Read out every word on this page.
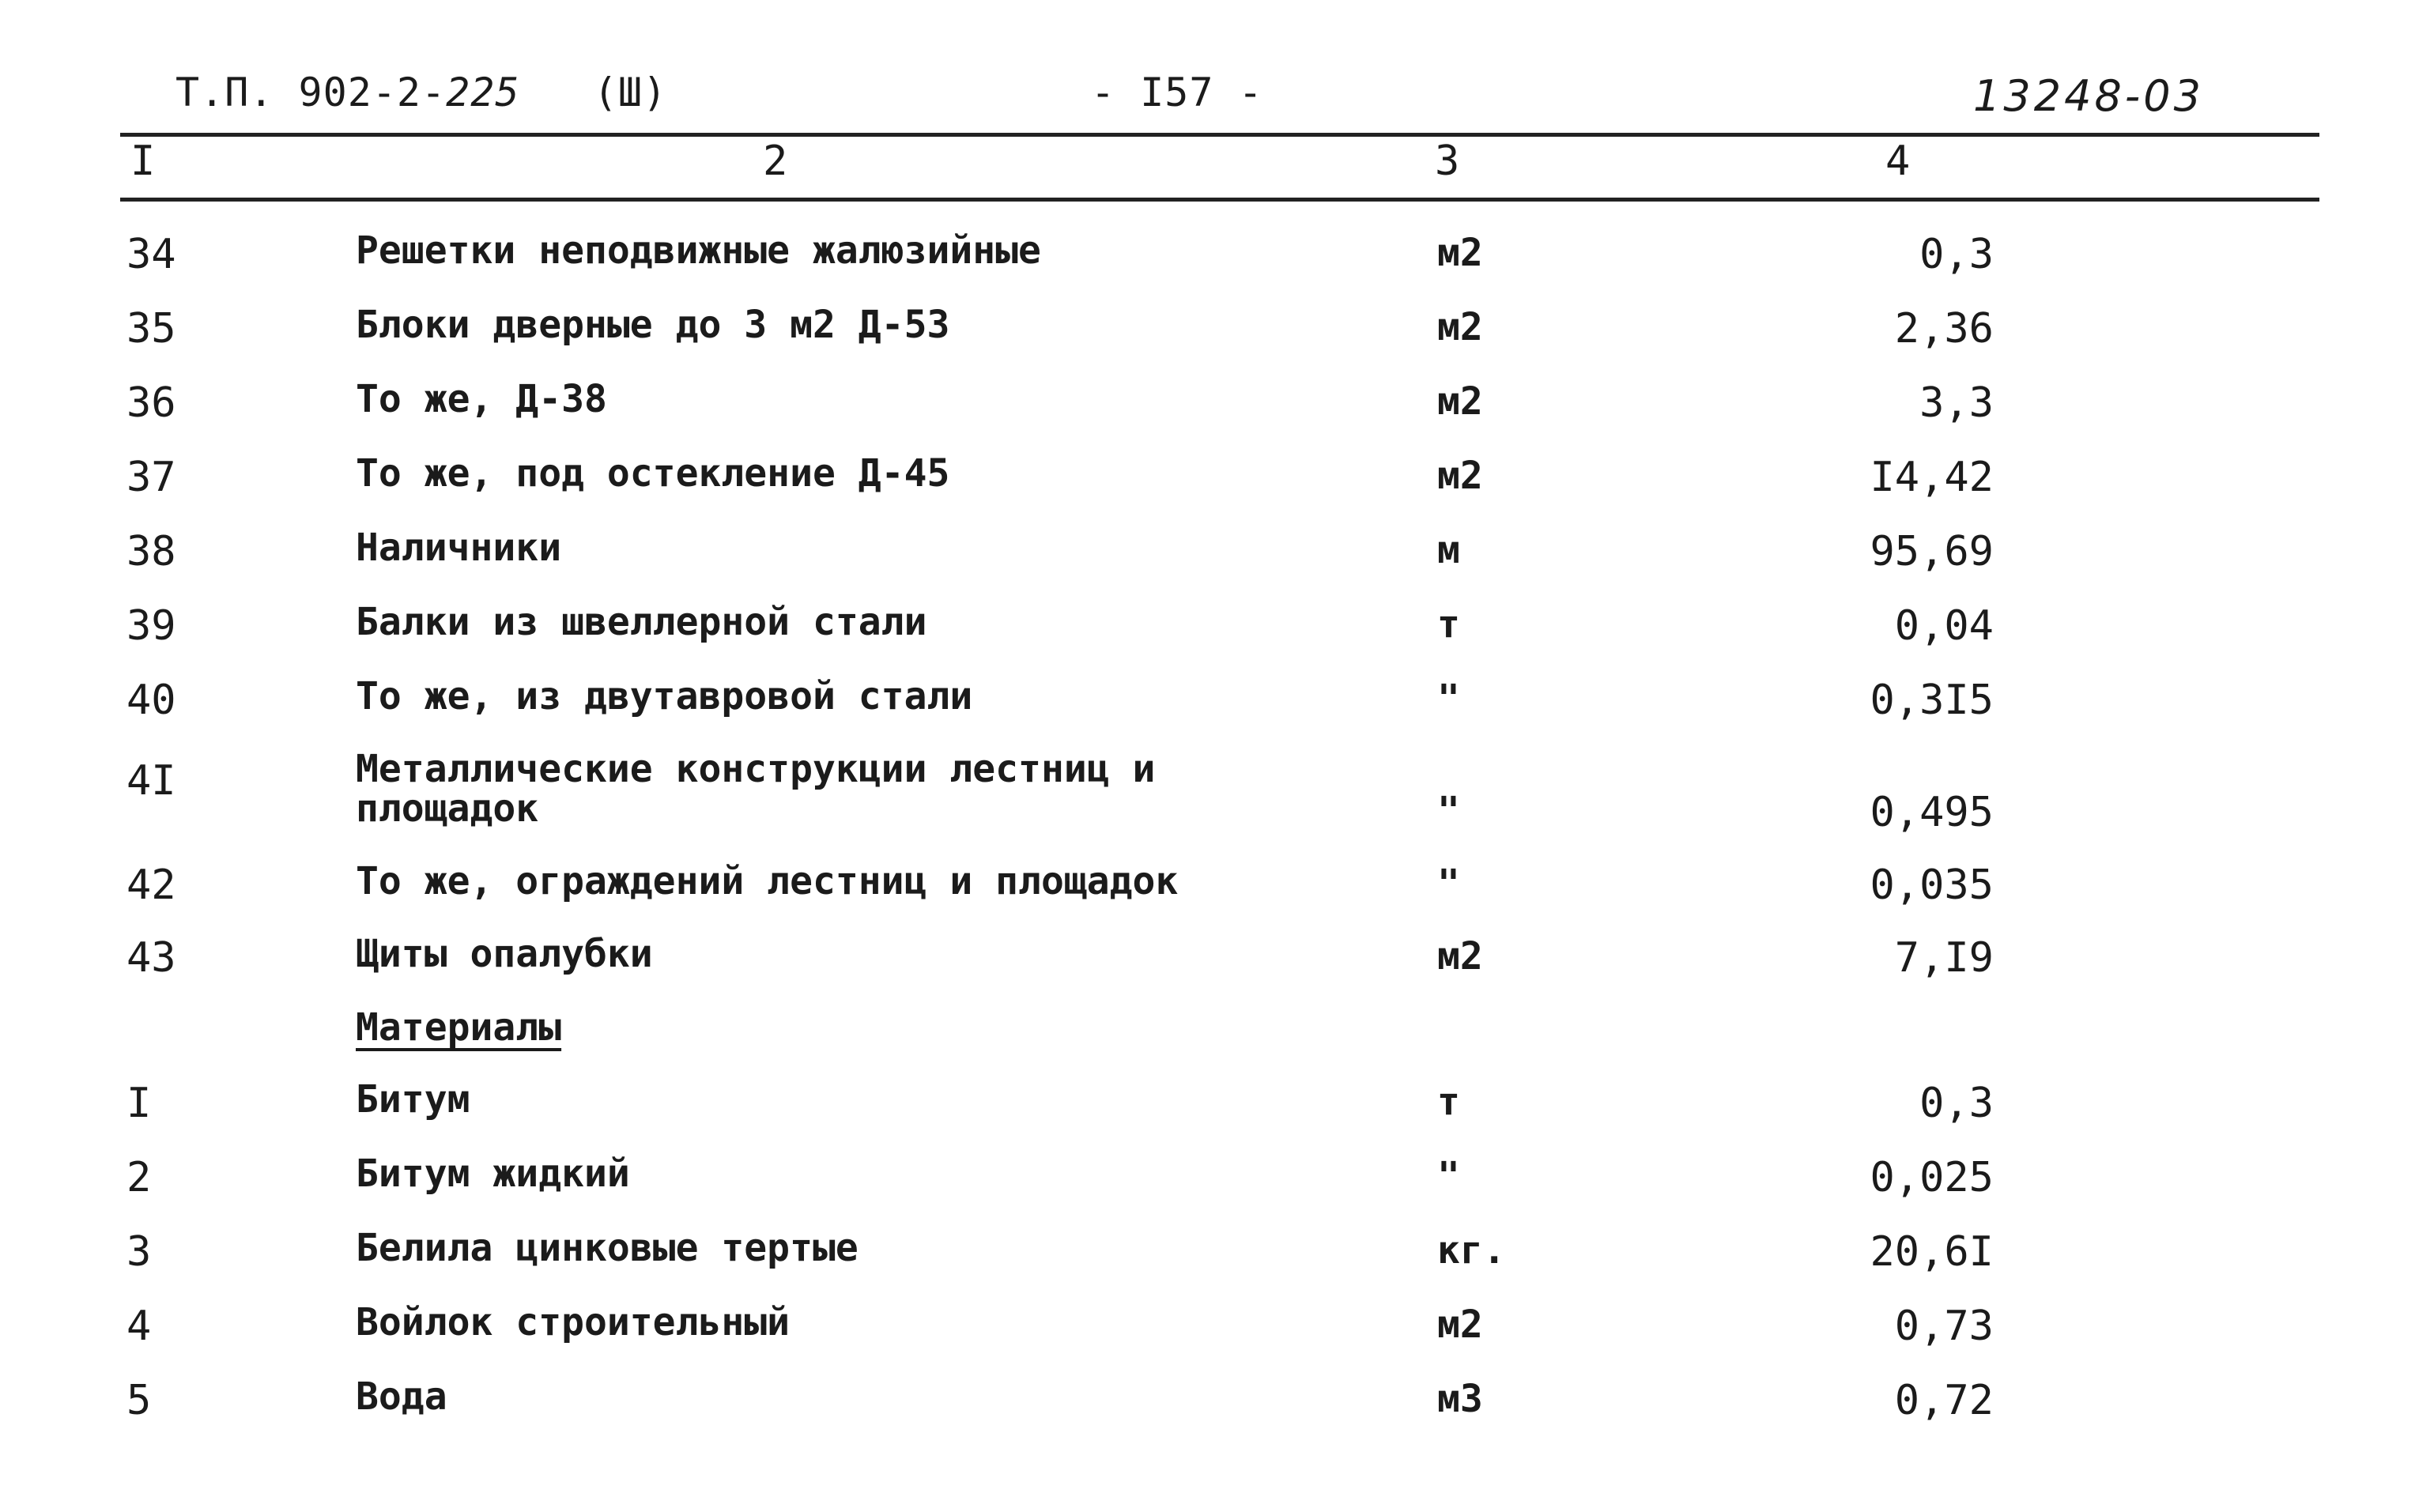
Т.П. 902-2-225 (Ш)	- I57 -	13248-03
I	2	3	4
34	Решетки неподвижные жалюзийные	м2	0,3
35	Блоки дверные до 3 м2 Д-53	м2	2,36
36	То же, Д-38	м2	3,3
37	То же, под остекление Д-45	м2	I4,42
38	Наличники	м	95,69
39	Балки из швеллерной стали	т	0,04
40	То же, из двутавровой стали	"	0,3I5
4I	Металлические конструкции лестниц и площадок	"	0,495
42	То же, ограждений лестниц и площадок	"	0,035
43	Щиты опалубки	м2	7,I9
Материалы
I	Битум	т	0,3
2	Битум жидкий	"	0,025
3	Белила цинковые тертые	кг.	20,6I
4	Войлок строительный	м2	0,73
5	Вода	м3	0,72
